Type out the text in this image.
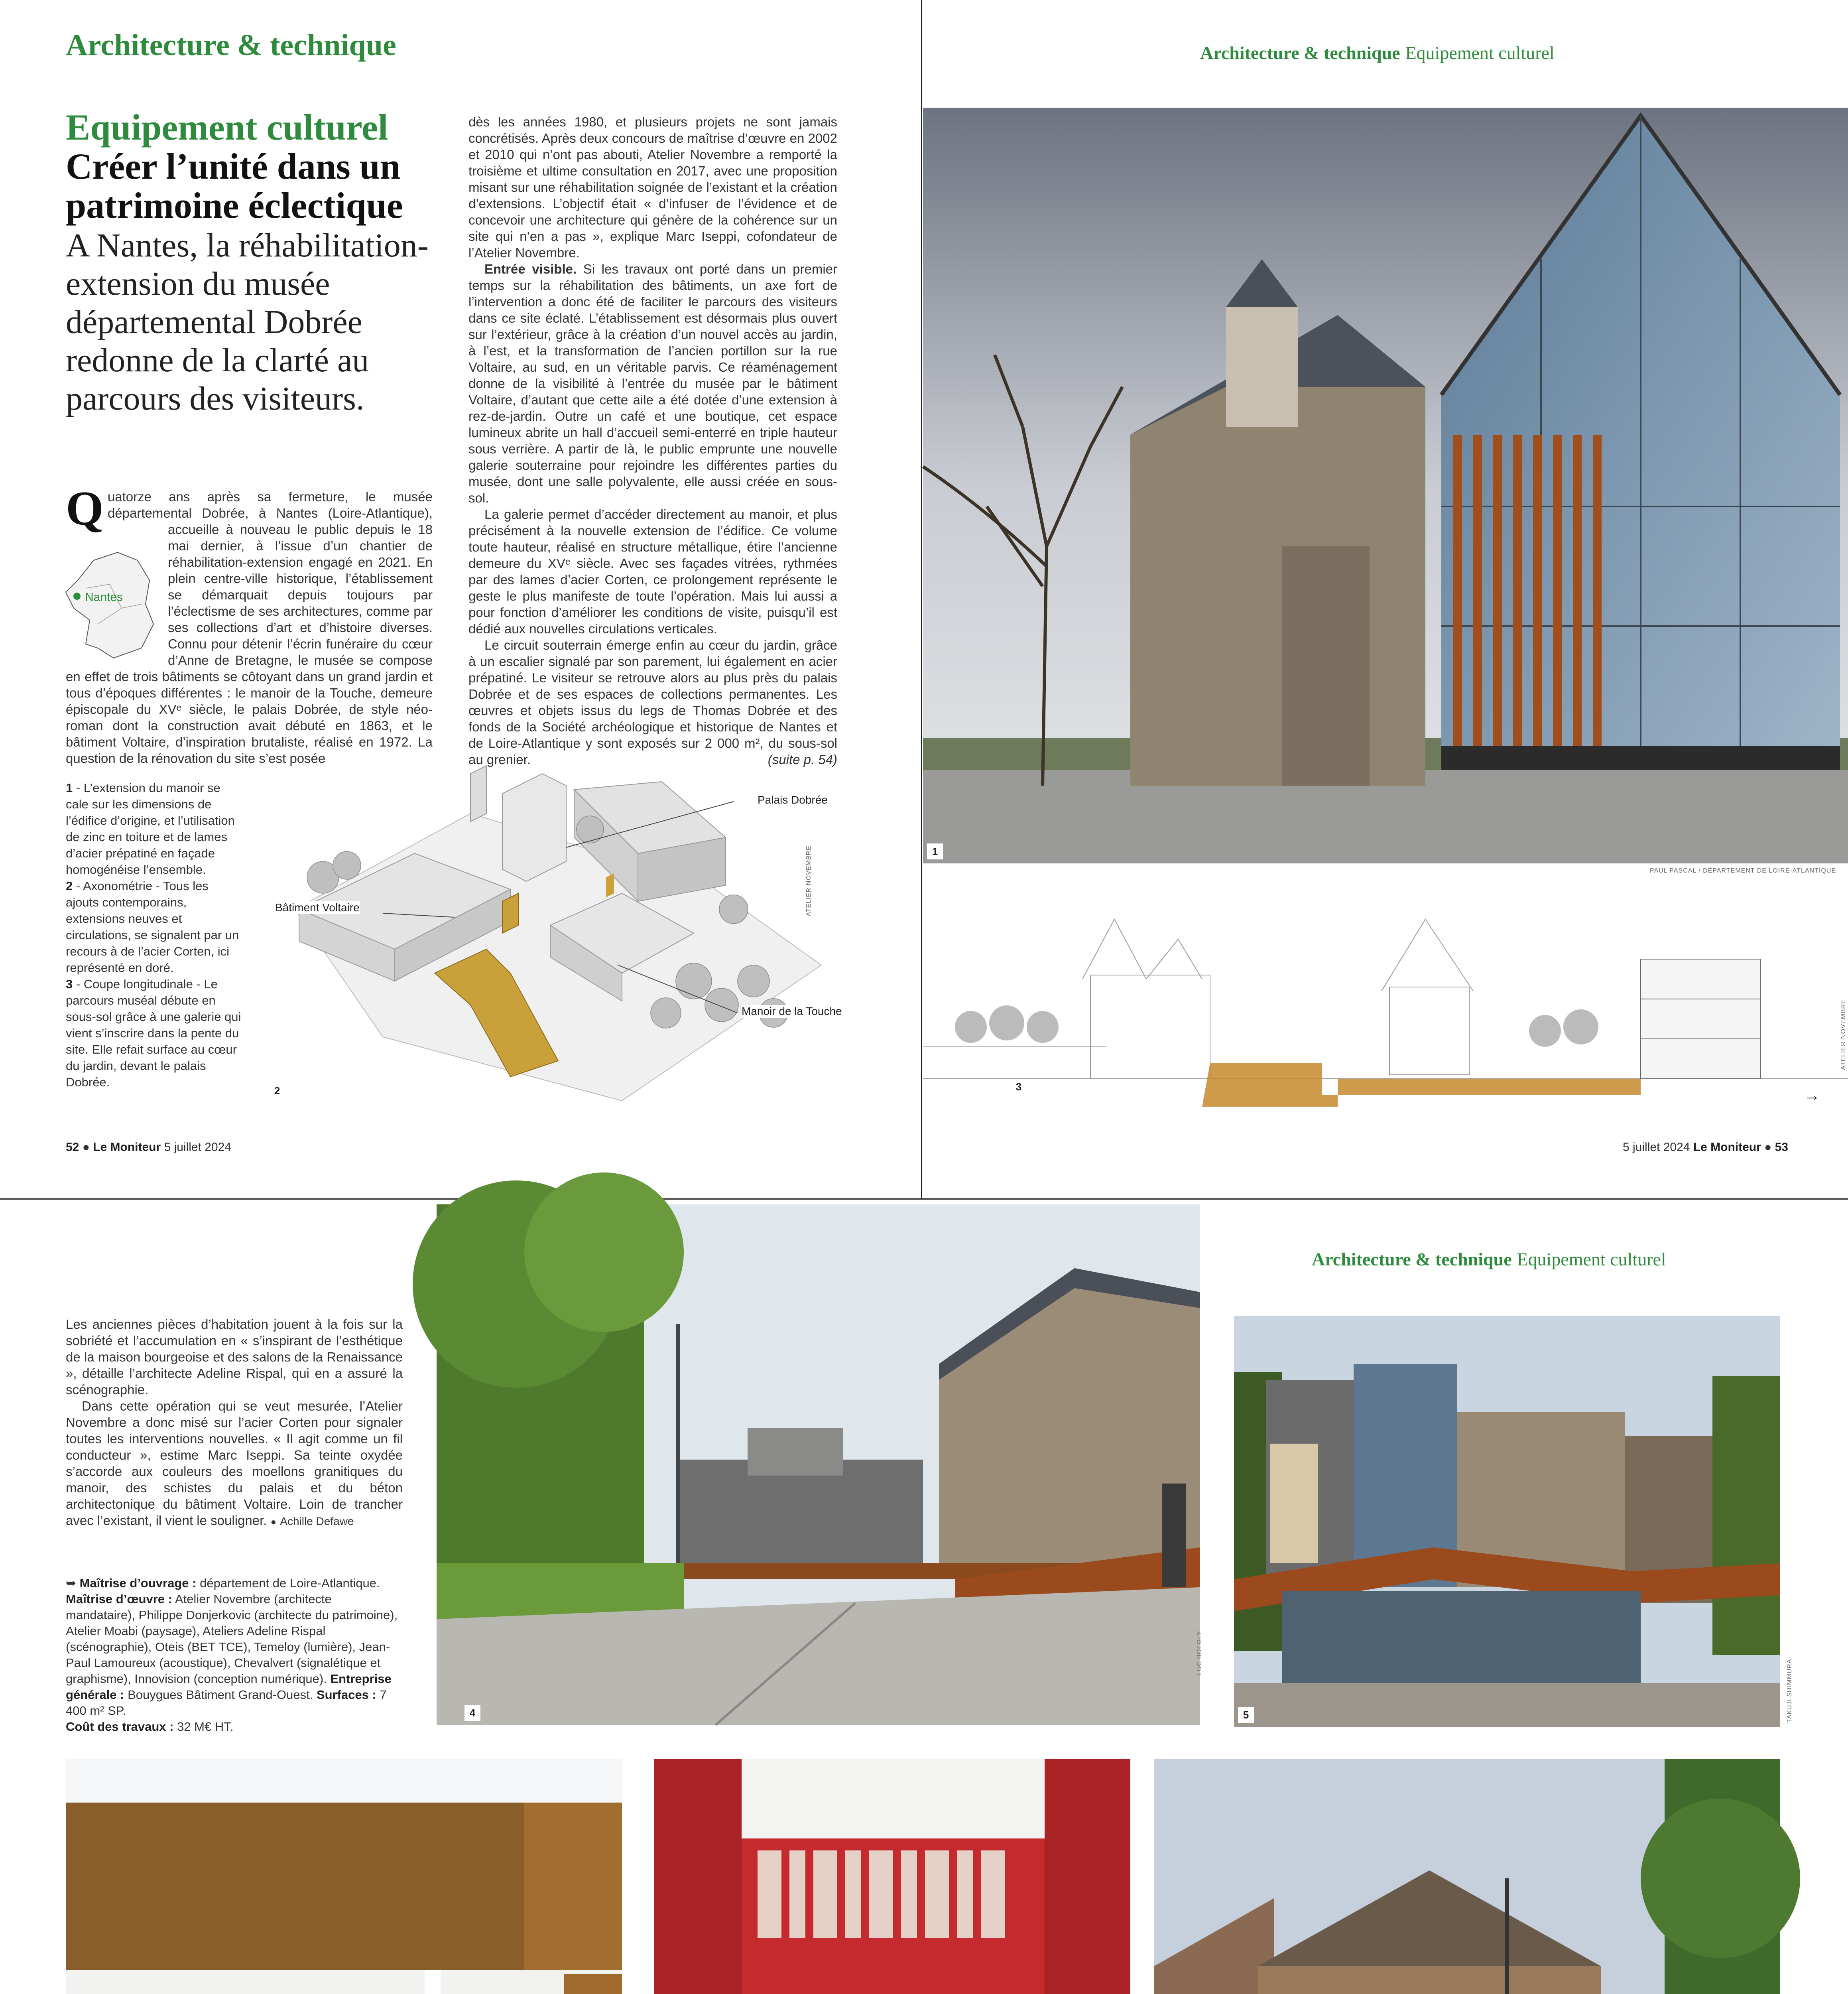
Architecture & technique
Equipement culturel
Créer l’unité dans un patrimoine éclectique
A Nantes, la réhabilitation-extension du musée départemental Dobrée redonne de la clarté au parcours des visiteurs.
Q
Nantes
uatorze ans après sa fermeture, le musée départemental Dobrée, à Nantes (Loire-Atlantique), accueille à nouveau le public depuis le 18 mai dernier, à l’issue d’un chantier de réhabilitation-extension engagé en 2021. En plein centre-ville historique, l’établissement se démarquait depuis toujours par l’éclectisme de ses architectures, comme par ses collections d’art et d’histoire diverses. Connu pour détenir l’écrin funéraire du cœur d’Anne de Bretagne, le musée se compose en effet de trois bâtiments se côtoyant dans un grand jardin et tous d’époques différentes : le manoir de la Touche, demeure épiscopale du XVᵉ siècle, le palais Dobrée, de style néo-roman dont la construction avait débuté en 1863, et le bâtiment Voltaire, d’inspiration brutaliste, réalisé en 1972. La question de la rénovation du site s’est posée
dès les années 1980, et plusieurs projets ne sont jamais concrétisés. Après deux concours de maîtrise d’œuvre en 2002 et 2010 qui n’ont pas abouti, Atelier Novembre a remporté la troisième et ultime consultation en 2017, avec une proposition misant sur une réhabilitation soignée de l’existant et la création d’extensions. L’objectif était « d’infuser de l’évidence et de concevoir une architecture qui génère de la cohérence sur un site qui n’en a pas », explique Marc Iseppi, cofondateur de l’Atelier Novembre.
Entrée visible. Si les travaux ont porté dans un premier temps sur la réhabilitation des bâtiments, un axe fort de l’intervention a donc été de faciliter le parcours des visiteurs dans ce site éclaté. L’établissement est désormais plus ouvert sur l’extérieur, grâce à la création d’un nouvel accès au jardin, à l’est, et la transformation de l’ancien portillon sur la rue Voltaire, au sud, en un véritable parvis. Ce réaménagement donne de la visibilité à l’entrée du musée par le bâtiment Voltaire, d’autant que cette aile a été dotée d’une extension à rez-de-jardin. Outre un café et une boutique, cet espace lumineux abrite un hall d’accueil semi-enterré en triple hauteur sous verrière. A partir de là, le public emprunte une nouvelle galerie souterraine pour rejoindre les différentes parties du musée, dont une salle polyvalente, elle aussi créée en sous-sol.
La galerie permet d’accéder directement au manoir, et plus précisément à la nouvelle extension de l’édifice. Ce volume toute hauteur, réalisé en structure métallique, étire l’ancienne demeure du XVᵉ siècle. Avec ses façades vitrées, rythmées par des lames d’acier Corten, ce prolongement représente le geste le plus manifeste de toute l’opération. Mais lui aussi a pour fonction d’améliorer les conditions de visite, puisqu’il est dédié aux nouvelles circulations verticales.
Le circuit souterrain émerge enfin au cœur du jardin, grâce à un escalier signalé par son parement, lui également en acier prépatiné. Le visiteur se retrouve alors au plus près du palais Dobrée et de ses espaces de collections permanentes. Les œuvres et objets issus du legs de Thomas Dobrée et des fonds de la Société archéologique et historique de Nantes et de Loire-Atlantique y sont exposés sur 2 000 m², du sous-sol au grenier.	(suite p. 54)
1 - L’extension du manoir se cale sur les dimensions de l’édifice d’origine, et l’utilisation de zinc en toiture et de lames d’acier prépatiné en façade homogénéise l’ensemble.
2 - Axonométrie - Tous les ajouts contemporains, extensions neuves et circulations, se signalent par un recours à de l’acier Corten, ici représenté en doré.
3 - Coupe longitudinale - Le parcours muséal débute en sous-sol grâce à une galerie qui vient s’inscrire dans la pente du site. Elle refait surface au cœur du jardin, devant le palais Dobrée.
Palais Dobrée
Bâtiment Voltaire
Manoir de la Touche
ATELIER NOVEMBRE
2
52 ● Le Moniteur 5 juillet 2024
Architecture & technique Equipement culturel
1
PAUL PASCAL / DÉPARTEMENT DE LOIRE-ATLANTIQUE
3
ATELIER NOVEMBRE
→
5 juillet 2024 Le Moniteur ● 53
Les anciennes pièces d’habitation jouent à la fois sur la sobriété et l’accumulation en « s’inspirant de l’esthétique de la maison bourgeoise et des salons de la Renaissance », détaille l’architecte Adeline Rispal, qui en a assuré la scénographie.
Dans cette opération qui se veut mesurée, l’Atelier Novembre a donc misé sur l’acier Corten pour signaler toutes les interventions nouvelles. « Il agit comme un fil conducteur », estime Marc Iseppi. Sa teinte oxydée s’accorde aux couleurs des moellons granitiques du manoir, des schistes du palais et du béton architectonique du bâtiment Voltaire. Loin de trancher avec l’existant, il vient le souligner. ● Achille Defawe
➥ Maîtrise d’ouvrage : département de Loire-Atlantique.
Maîtrise d’œuvre : Atelier Novembre (architecte mandataire), Philippe Donjerkovic (architecte du patrimoine), Atelier Moabi (paysage), Ateliers Adeline Rispal (scénographie), Oteis (BET TCE), Temeloy (lumière), Jean-Paul Lamoureux (acoustique), Chevalvert (signalétique et graphisme), Innovision (conception numérique). Entreprise générale : Bouygues Bâtiment Grand-Ouest. Surfaces : 7 400 m² SP.
Coût des travaux : 32 M€ HT.
4
LUC BOEGLY
Architecture & technique Equipement culturel
5	TAKUJI SHIMMURA
